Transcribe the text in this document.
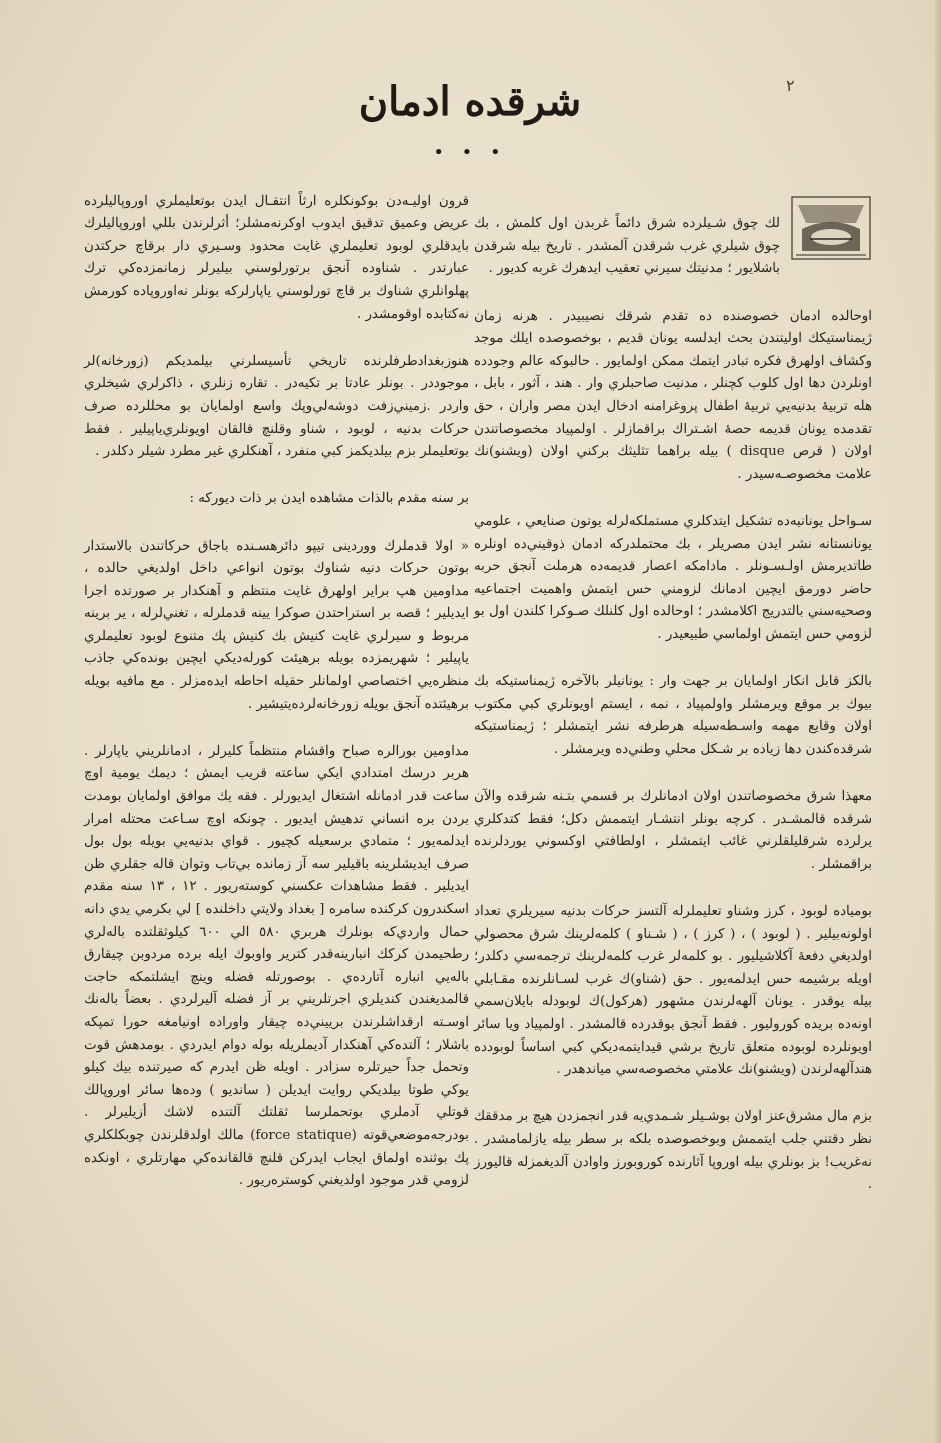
٢
شرقده ادمان
• • •

لك چوق شـيلرده شرق دائماً غربدن اول كلمش ، بك چوق شيلري غرب شرقدن آلمشدر . تاريخ بيله شرقدن باشلايور ؛ مدنيتك سيرني تعقيب ايدهرك غربه كديور .

اوحالده ادمان خصوصنده ده تقدم شرقك نصيبيدر . هرنه زمان ژيمناستيكك اوليتندن بحث ايدلسه يونان قديم ، بوخصوصده ايلك موجد وكشاف اولهرق فكره تبادر ايتمك ممكن اولمايور . حالبوكه عالم وجودده اونلردن دها اول كلوب كچنلر ، مدنيت صاحبلري وار . هند ، آثور ، بابل ، هله تربيهٔ بدنيه‌يي تربيهٔ اطفال پروغرامنه ادخال ايدن مصر واران ، حق تقدمده يونان قديمه حصهٔ اشـتراك براقمازلر . اولمپياد مخصوصاتندن اولان ( قرص disque ) بيله براهما تثليثك بركني اولان (ويشنو)نك علامت مخصوصـه‌سيدر .

سـواحل يونانيه‌ده تشكيل ايتدكلري مستملكه‌لرله يوتون صنايعي ، علومي يونانستانه نشر ايدن مصريلر ، بك محتملدركه ادمان ذوقيني‌ده اونلره طاتديرمش اولـسـونلر . مادامكه اعصار قديمه‌ده هرملت آنجق حربه حاضر دورمق ايچين ادمانك لزومني حس ايتمش واهميت اجتماعيه وصحيه‌سني بالتدريج اكلامشدر ؛ اوحالده اول كلنلك صـوكرا كلندن اول بو لزومي حس ايتمش اولماسي طبيعيدر .

بالكز قابل انكار اولمايان بر جهت وار : يونانيلر بالآخره ژيمناستيكه بك بيوك بر موقع ويرمشلر واولمپياد ، نمه ، ايستم اويونلري كبي مكتوب اولان وقايع مهمه واسـطه‌سيله هرطرفه نشر ايتمشلر ؛ ژيمناستيكه شرقده‌كندن دها زياده بر شـكل محلي وطني‌ده ويرمشلر .

معهذا شرق مخصوصاتندن اولان ادمانلرك بر قسمي بتـنه شرقده والآن شرقده قالمشـدر . كرچه بونلر انتشـار ايتممش دكل؛ فقط كتدكلري يرلرده شرقليلقلرني غائب ايتمشلر ، اولطافتي اوكسوني يوردلرنده براقمشلر .

بومياده لوبود ، كرز وشناو تعليملرله آلتسز حركات بدنيه سيريلري تعداد اولونه‌بيلير . ( لوبود ) ، ( كرز ) ، ( شـناو ) كلمه‌لرينك شرق محصولي اولديغي دفعهٔ آكلاشيليور . بو كلمه‌لر غرب كلمه‌لرينك ترجمه‌سي دكلدر؛ اويله برشيمه حس ايدلمه‌يور . حق (شناو)ك غرب لسـانلرنده مقـابلي بيله يوقدر . يونان آلهه‌لرندن مشهور (هركول)ك لوبودله بايلان‌سمي اونه‌ده بريده كوروليور . فقط آنجق بوقدرده قالمشدر . اولمپياد ويا سائر اويونلرده لوبوده متعلق تاريخ برشي قيدايتمه‌ديكي كبي اساساً لوبودده هندآلهه‌لرندن (ويشنو)نك علامتي مخصوصه‌سي مياندهدر .

بزم مال مشرق‌عنز اولان بوشـيلر شـمدي‌يه قدر انجمزدن هيچ بر مدققك نظر دقتني جلب ايتممش وبوخصوصده بلكه بر سطر بيله يازلمامشدر . نه‌غريب! بز بونلري بيله اوروپا آثارنده كوروبورز واوادن آلديغمزله قاليورز .

قرون اوليـه‌دن بوكونكلره ارثاً انتقـال ايدن بوتعليملري اوروپاليلرده عريض وعميق تدقيق ايدوب اوكرنه‌مشلر؛ أثرلرندن بللي اوروپاليلرك بايدقلري لوبود تعليملري غايت محدود وسـيري دار برقاچ حركتدن عبارتدر . شناوده آنجق برتورلوسني بيليرلر زمانمزده‌كي ترك پهلوانلري شناوك بر قاچ تورلوسني ياپارلركه بونلر نه‌اوروپاده كورمش نه‌كتابده اوقومشدر .

هنوزبغدادطرفلرنده تاريخي تأسيسلرني بيلمديكم (زورخانه)لر موجوددر . بونلر عادتا بر تكيه‌در . تقاره زنلري ، ذاكرلري شيخلري واردر .زميني‌زفت دوشه‌لي‌وپك واسع اولمايان بو محللرده صرف حركات بدنيه ، لوبود ، شناو وقلنچ قالقان اويونلري‌ياپيلير . فقط بوتعليملر بزم بيلديكمز كبي منفرد ، آهنكلري غير مطرد شيلر دكلدر .

بر سنه مقدم بالذات مشاهده ايدن بر ذات ديوركه :

« اولا قدملرك ووردينى تيپو دائرهسـنده باجاق حركاتندن بالاستدار بوتون حركات دنيه شناوك بوتون انواعي داخل اولديغي حالده ، مداومين هپ براير اولهرق غايت منتظم و آهنكدار بر صورتده اجرا ايديلير ؛ قصه بر استراحتدن صوكرا يينه قدملرله ، تغني‌لرله ، ير برينه مربوط و سيرلري غايت كنيش بك كنيش پك متنوع لوبود تعليملري ياپيلير ؛ شهريمزده بويله برهيئت كورله‌ديكي ايچين بونده‌كي جاذب منظره‌يي اختصاصي اولمانلر حقيله احاطه ايده‌مزلر . مع مافيه بويله برهيئتده آنجق بويله زورخانه‌لرده‌يتيشير .

مداومين بورالره صباح واقشام منتظماً كليرلر ، ادمانلريني ياپارلر . هربر درسك امتدادي ايكي ساعته قريب ايمش ؛ ديمك يومية اوچ ساعت قدر ادمانله اشتغال ايديورلر . فقه يك موافق اولمايان بومدت بردن بره انساني تدهيش ايديور . چونكه اوچ سـاعت محتله امرار ايدلمه‌يور ؛ متمادي برسعيله كچيور . قواي بدنيه‌يي بويله بول بول صرف ايديشلرينه باقيلير سه آز زمانده بي‌تاب وتوان قاله جقلري ظن ايديلير . فقط مشاهدات عكسني كوسته‌ريور . ١٢ ، ١٣ سنه مقدم اسكندرون كركنده سامره [ بغداد ولايتي داخلنده ] لي بكرمي يدي دانه حمال واردي‌كه بونلرك هربري ٥٨٠ الي ٦٠٠ كيلوثقلتده باله‌لري رطحيمدن كركك انبارينه‌قدر كترير واوبوك ايله برده مردوبن چيقارق باله‌يي انباره آتارده‌ي . بوصورتله فضله وينچ ايشلتمكه حاجت قالمديغندن كنديلري اجرتلريني بر آز فضله آليرلردي . بعضاً باله‌نك اوسـته ارقداشلرندن برييني‌ده چيقار واوراده اونيامغه حورا تمپكه باشلار ؛ آلتده‌كي آهنكدار آديملريله بوله دوام ايدردي . بومدهش قوت وتحمل جداً حيرتلره سزادر . اويله ظن ايدرم كه صيرتنده بيك كيلو يوكي طوتا بيلديكي روايت ايديلن ( سانديو ) وده‌ها سائر اوروپالك قوتلي آدملري بوتحملرسا ثقلتك آلتنده لاشك أزيليرلر . بودرجه‌موضعي‌قوته (force statique) مالك اولدقلرندن چوبكلكلري پك بوثنده اولماق ايجاب ايدركن قلنچ قالقانده‌كي مهارتلري ، اونكده لزومي قدر موجود اولديغني كوستره‌ريور .
